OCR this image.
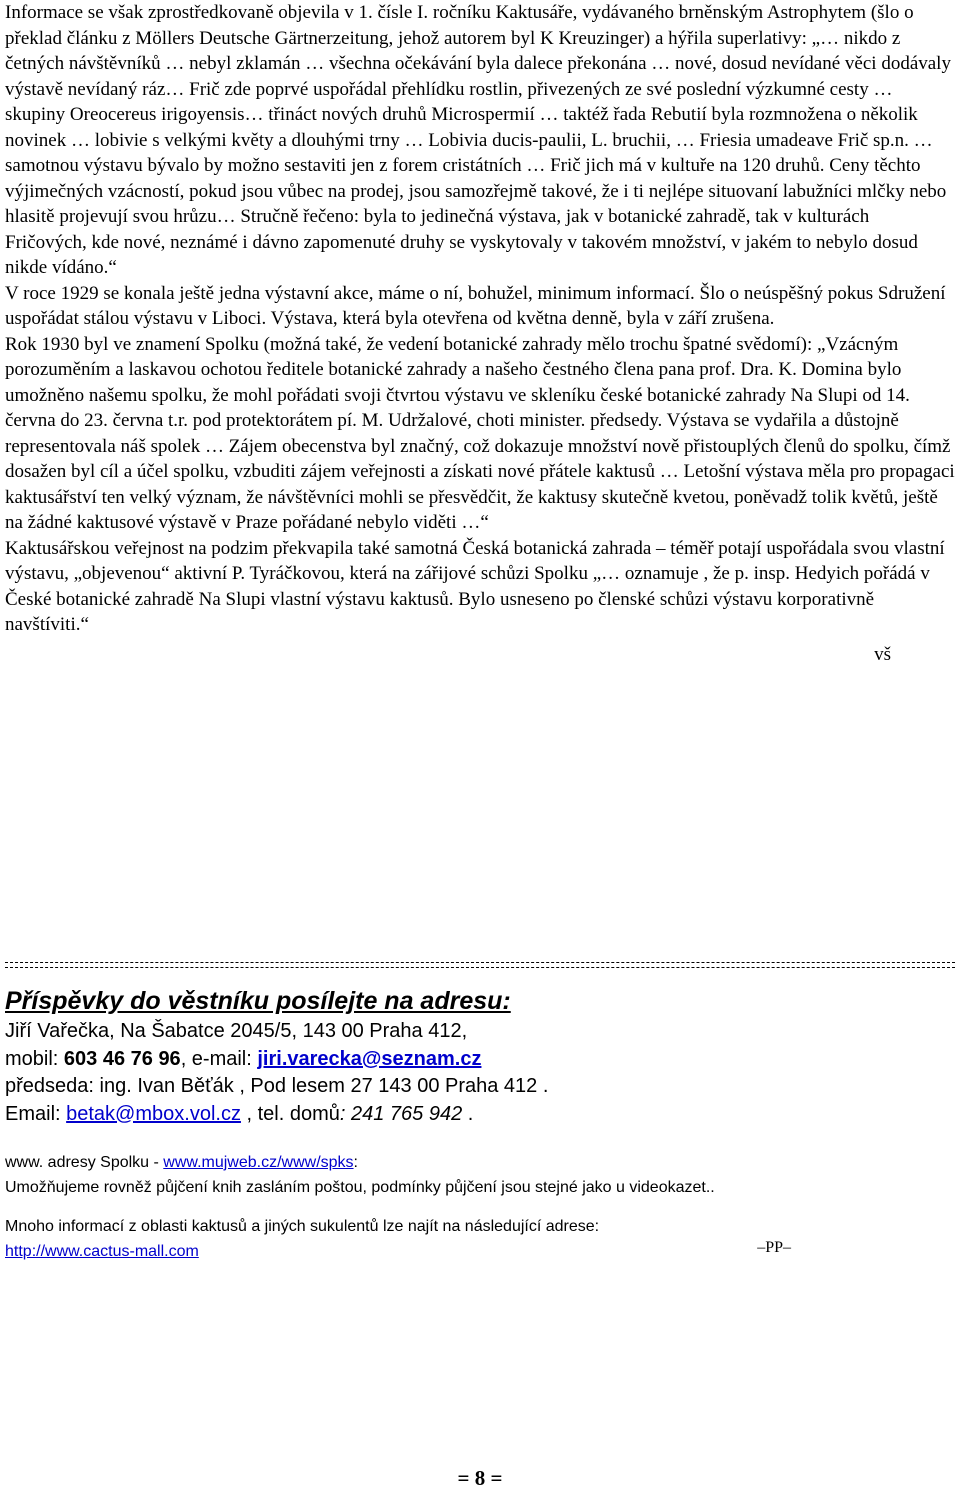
Informace se však zprostředkovaně objevila v 1. čísle I. ročníku Kaktusáře, vydávaného brněnským Astrophytem (šlo o překlad článku z Möllers Deutsche Gärtnerzeitung, jehož autorem byl K Kreuzinger) a hýřila superlativy: „… nikdo z četných návštěvníků … nebyl zklamán … všechna očekávání byla dalece překonána … nové, dosud nevídané věci dodávaly výstavě nevídaný ráz… Frič zde poprvé uspořádal přehlídku rostlin, přivezených ze své poslední výzkumné cesty … skupiny Oreocereus irigoyensis… třináct nových druhů Microspermií … taktéž řada Rebutií byla rozmnožena o několik novinek … lobivie s velkými květy a dlouhými trny … Lobivia ducis-paulii, L. bruchii, … Friesia umadeave Frič sp.n. … samotnou výstavu bývalo by možno sestaviti jen z forem cristátních … Frič jich má v kultuře na 120 druhů. Ceny těchto výjimečných vzácností, pokud jsou vůbec na prodej, jsou samozřejmě takové, že i ti nejlépe situovaní labužníci mlčky nebo hlasitě projevují svou hrůzu… Stručně řečeno: byla to jedinečná výstava, jak v botanické zahradě, tak v kulturách Fričových, kde nové, neznámé i dávno zapomenuté druhy se vyskytovaly v takovém množství, v jakém to nebylo dosud nikde vídáno.“

V roce 1929 se konala ještě jedna výstavní akce, máme o ní, bohužel, minimum informací. Šlo o neúspěšný pokus Sdružení uspořádat stálou výstavu v Liboci. Výstava, která byla otevřena od května denně, byla v září zrušena.

Rok 1930 byl ve znamení Spolku (možná také, že vedení botanické zahrady mělo trochu špatné svědomí): „Vzácným porozuměním a laskavou ochotou ředitele botanické zahrady a našeho čestného člena pana prof. Dra. K. Domina bylo umožněno našemu spolku, že mohl pořádati svoji čtvrtou výstavu ve skleníku české botanické zahrady Na Slupi od 14. června do 23. června t.r. pod protektorátem pí. M. Udržalové, choti minister. předsedy. Výstava se vydařila a důstojně representovala náš spolek … Zájem obecenstva byl značný, což dokazuje množství nově přistouplých členů do spolku, čímž dosažen byl cíl a účel spolku, vzbuditi zájem veřejnosti a získati nové přátele kaktusů … Letošní výstava měla pro propagaci kaktusářství ten velký význam, že návštěvníci mohli se přesvědčit, že kaktusy skutečně kvetou, poněvadž tolik květů, ještě na žádné kaktusové výstavě v Praze pořádané nebylo viděti …“

Kaktusářskou veřejnost na podzim překvapila také samotná Česká botanická zahrada – téměř potají uspořádala svou vlastní výstavu, „objevenou“ aktivní P. Tyráčkovou, která na zářijové schůzi Spolku „… oznamuje , že p. insp. Hedyich pořádá v České botanické zahradě Na Slupi vlastní výstavu kaktusů. Bylo usneseno po členské schůzi výstavu korporativně navštíviti.“

vš

Příspěvky do věstníku posílejte na adresu:

Jiří Vařečka, Na Šabatce 2045/5, 143 00 Praha 412,

mobil: 603 46 76 96, e-mail: jiri.varecka@seznam.cz

předseda: ing. Ivan Běťák , Pod lesem 27 143 00 Praha 412 .

Email: betak@mbox.vol.cz , tel. domů: 241 765 942 .

www. adresy Spolku - www.mujweb.cz/www/spks:

Umožňujeme rovněž půjčení knih zasláním poštou, podmínky půjčení jsou stejné jako u videokazet..

Mnoho informací z oblasti kaktusů a jiných sukulentů lze najít na následující adrese:

http://www.cactus-mall.com	–PP–
= 8 =
